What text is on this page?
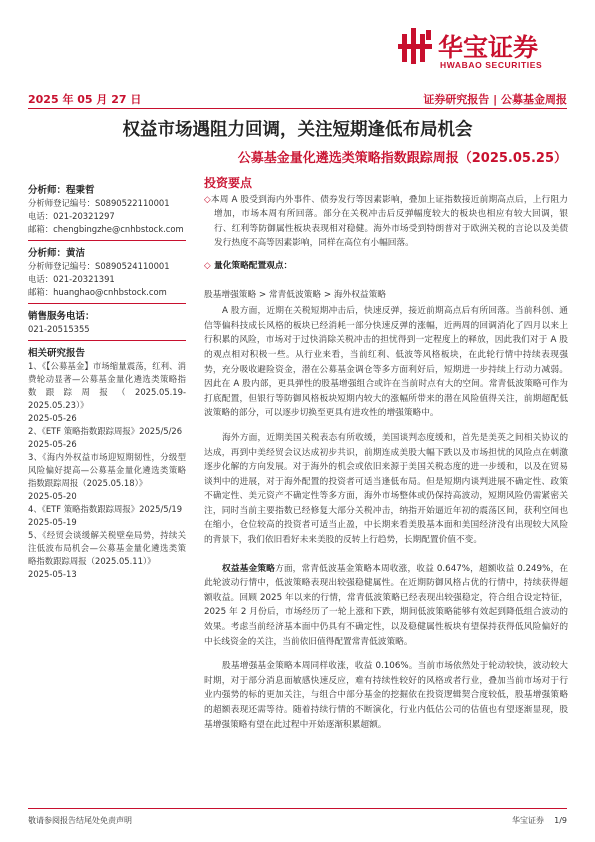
华宝证券
HWABAO SECURITIES
2025 年 05 月 27 日	证券研究报告 | 公募基金周报
权益市场遇阻力回调，关注短期逢低布局机会
公募基金量化遴选类策略指数跟踪周报（2025.05.25）
分析师：程秉哲
分析师登记编号：S0890522110001
电话：021-20321297
邮箱：chengbingzhe@cnhbstock.com
分析师：黄洁
分析师登记编号：S0890524110001
电话：021-20321391
邮箱：huanghao@cnhbstock.com
销售服务电话：
021-20515355
相关研究报告
1、《【公募基金】市场缩量震荡，红利、消费轮动显著—公募基金量化遴选类策略指数跟踪周报（2025.05.19-2025.05.23）》
2025-05-26
2、《ETF 策略指数跟踪周报》2025/5/26
2025-05-26
3、《海内外权益市场迎短期韧性，分级型风险偏好提高—公募基金量化遴选类策略指数跟踪周报（2025.05.18）》
2025-05-20
4、《ETF 策略指数跟踪周报》2025/5/19
2025-05-19
5、《经贸会谈缓解关税壁垒局势，持续关注低波布局机会—公募基金量化遴选类策略指数跟踪周报（2025.05.11）》
2025-05-13
投资要点

◇本周 A 股受到海内外事件、债券发行等因素影响，叠加上证指数接近前期高点后，上行阻力增加，市场本周有所回落。部分在关税冲击后反弹幅度较大的板块也相应有较大回调，银行、红利等防御属性板块表现相对稳健。海外市场受到特朗普对于欧洲关税的言论以及美债发行热度不高等因素影响，同样在高位有小幅回落。

◇ 量化策略配置观点：

股基增强策略 > 常青低波策略 > 海外权益策略

A 股方面，近期在关税短期冲击后，快速反弹，接近前期高点后有所回落。当前科创、通信等偏科技成长风格的板块已经消耗一部分快速反弹的涨幅，近两周的回调消化了四月以来上行积累的风险，市场对于过快消除关税冲击的担忧得到一定程度上的释放，因此我们对于 A 股的观点相对积极一些。从行业来看，当前红利、低波等风格板块，在此轮行情中持续表现强势，充分吸收避险资金，潜在公募基金调仓等多方面利好后，短期进一步持续上行动力减弱。因此在 A 股内部，更具弹性的股基增强组合或许在当前时点有大的空间。常青低波策略可作为打底配置，但银行等防御风格板块短期内较大的涨幅所带来的潜在风险值得关注，前期超配低波策略的部分，可以逐步切换至更具有进攻性的增强策略中。

海外方面，近期美国关税表态有所收缓，美国谈判态度缓和，首先是美英之间相关协议的达成，再到中美经贸会议达成初步共识，前期连成美股大幅下跌以及市场担忧的风险点在刺激逐步化解的方向发展。对于海外的机会或依旧来源于美国关税态度的进一步缓和，以及在贸易谈判中的进展，对于海外配置的投资者可适当逢低布局。但是短期内谈判进展不确定性、政策不确定性、美元资产不确定性等多方面，海外市场整体或仍保持高波动，短期风险仍需紧密关注，同时当前主要指数已经修复大部分关税冲击，纳指开始逼近年初的震荡区间，获利空间也在缩小，仓位较高的投资者可适当止盈，中长期来看美股基本面和美国经济没有出现较大风险的背景下，我们依旧看好未来美股的反转上行趋势，长期配置价值不变。

权益基金策略方面，常青低波基金策略本周收涨，收益 0.647%，超额收益 0.249%，在此轮波动行情中，低波策略表现出较强稳健属性。在近期防御风格占优的行情中，持续获得超额收益。回顾 2025 年以来的行情，常青低波策略已经表现出较强稳定，符合组合设定特征，2025 年 2 月份后，市场经历了一轮上涨和下跌，期间低波策略能够有效起到降低组合波动的效果。考虑当前经济基本面中仍具有不确定性，以及稳健属性板块有望保持获得低风险偏好的中长线资金的关注，当前依旧值得配置常青低波策略。

股基增强基金策略本周同样收涨，收益 0.106%。当前市场依然处于轮动较快，波动较大时期，对于部分消息面敏感快速反应，难有持续性较好的风格或者行业，叠加当前市场对于行业内强势的标的更加关注，与组合中部分基金的挖掘依在投资逻辑契合度较低，股基增强策略的超额表现还需等待。随着持续行情的不断演化，行业内低估公司的估值也有望逐渐显现，股基增强策略有望在此过程中开始逐渐积累超额。

敬请参阅报告结尾处免责声明	华宝证券 1/9
